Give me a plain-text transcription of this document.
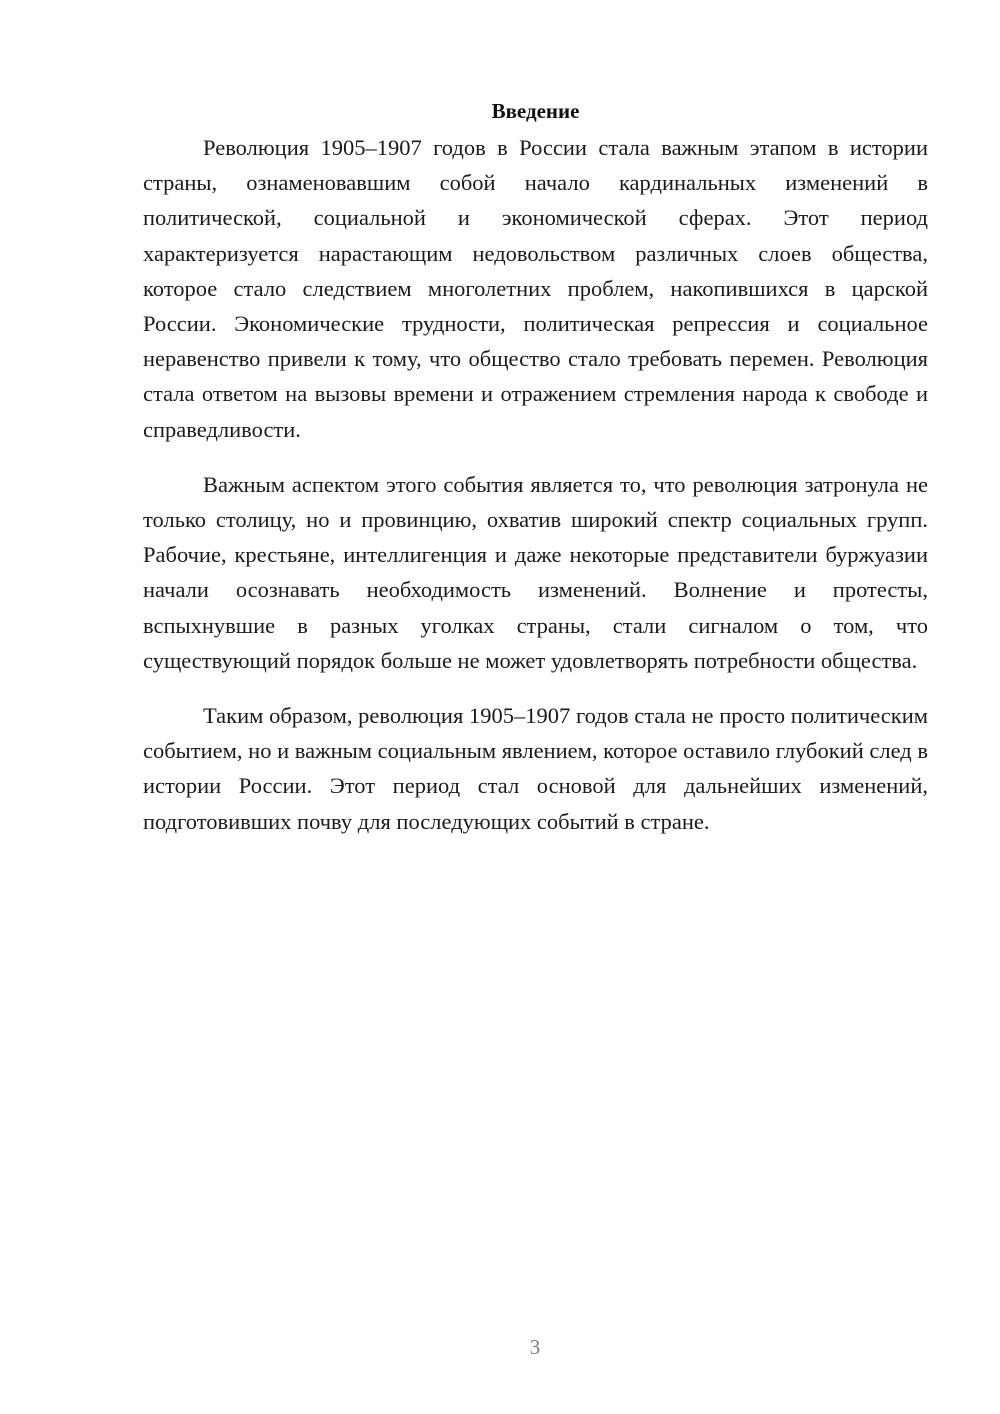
Введение

Революция 1905–1907 годов в России стала важным этапом в истории страны, ознаменовавшим собой начало кардинальных изменений в политической, социальной и экономической сферах. Этот период характеризуется нарастающим недовольством различных слоев общества, которое стало следствием многолетних проблем, накопившихся в царской России. Экономические трудности, политическая репрессия и социальное неравенство привели к тому, что общество стало требовать перемен. Революция стала ответом на вызовы времени и отражением стремления народа к свободе и справедливости.

Важным аспектом этого события является то, что революция затронула не только столицу, но и провинцию, охватив широкий спектр социальных групп. Рабочие, крестьяне, интеллигенция и даже некоторые представители буржуазии начали осознавать необходимость изменений. Волнение и протесты, вспыхнувшие в разных уголках страны, стали сигналом о том, что существующий порядок больше не может удовлетворять потребности общества.

Таким образом, революция 1905–1907 годов стала не просто политическим событием, но и важным социальным явлением, которое оставило глубокий след в истории России. Этот период стал основой для дальнейших изменений, подготовивших почву для последующих событий в стране.

3
